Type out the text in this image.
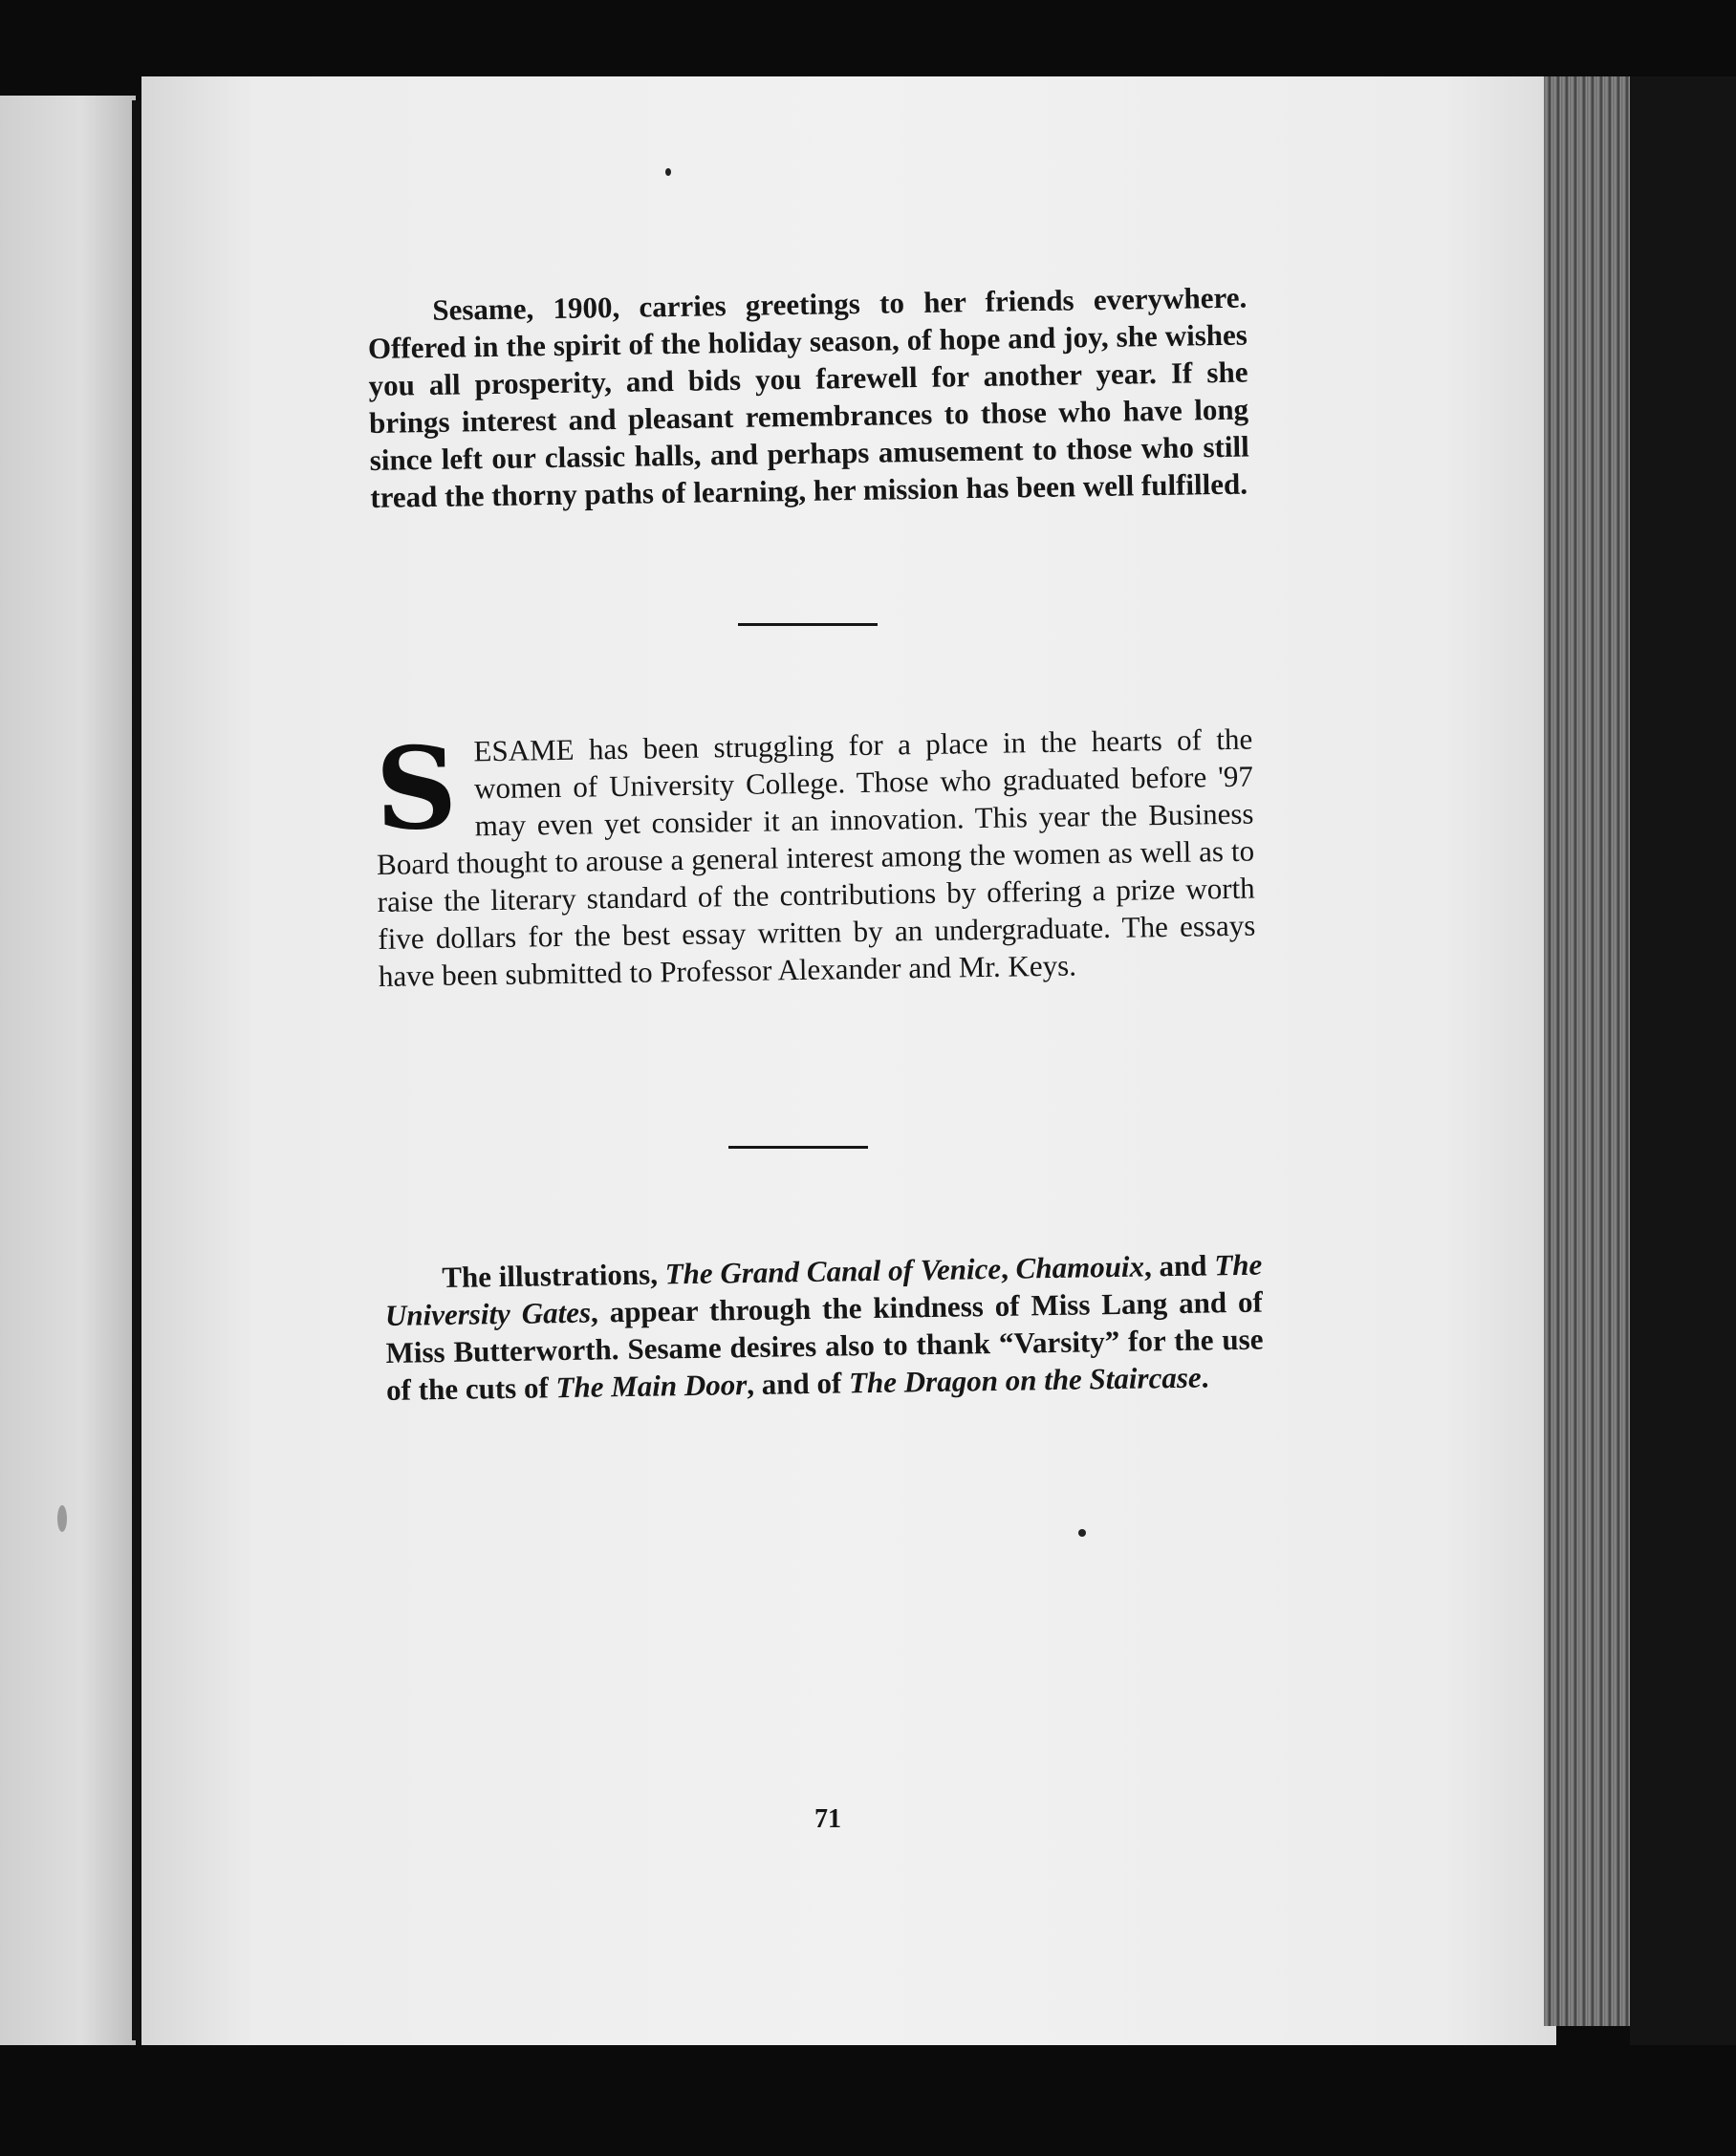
Sesame, 1900, carries greetings to her friends everywhere. Offered in the spirit of the holiday season, of hope and joy, she wishes you all prosperity, and bids you farewell for another year. If she brings interest and pleasant remembrances to those who have long since left our classic halls, and perhaps amusement to those who still tread the thorny paths of learning, her mission has been well fulfilled.

SESAME has been struggling for a place in the hearts of the women of University College. Those who graduated before '97 may even yet consider it an innovation. This year the Business Board thought to arouse a general interest among the women as well as to raise the literary standard of the contributions by offering a prize worth five dollars for the best essay written by an undergraduate. The essays have been submitted to Professor Alexander and Mr. Keys.

The illustrations, The Grand Canal of Venice, Chamouix, and The University Gates, appear through the kindness of Miss Lang and of Miss Butterworth. Sesame desires also to thank “Varsity” for the use of the cuts of The Main Door, and of The Dragon on the Staircase.

71
